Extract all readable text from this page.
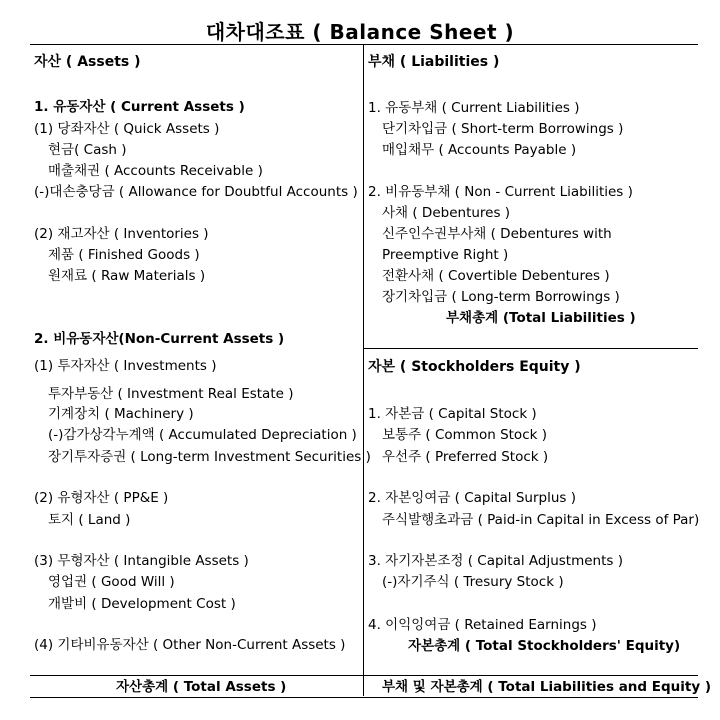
대차대조표 ( Balance Sheet )
자산 ( Assets )
1. 유동자산 ( Current Assets )
(1) 당좌자산 ( Quick Assets )
현금( Cash )
매출채권 ( Accounts Receivable )
(-)대손충당금 ( Allowance for Doubtful Accounts )
(2) 재고자산 ( Inventories )
제품 ( Finished Goods )
원재료 ( Raw Materials )
2. 비유동자산(Non-Current Assets )
(1) 투자자산 ( Investments )
투자부동산 ( Investment Real Estate )
기계장치 ( Machinery )
(-)감가상각누계액 ( Accumulated Depreciation )
장기투자증권 ( Long-term Investment Securities )
(2) 유형자산 ( PP&E )
토지 ( Land )
(3) 무형자산 ( Intangible Assets )
영업권 ( Good Will )
개발비 ( Development Cost )
(4) 기타비유동자산 ( Other Non-Current Assets )
부채 ( Liabilities )
1. 유동부채 ( Current Liabilities )
단기차입금 ( Short-term Borrowings )
매입채무 ( Accounts Payable )
2. 비유동부채 ( Non - Current Liabilities )
사채 ( Debentures )
신주인수권부사채 ( Debentures with
Preemptive Right )
전환사채 ( Covertible Debentures )
장기차입금 ( Long-term Borrowings )
부채총계 (Total Liabilities )
자본 ( Stockholders Equity )
1. 자본금 ( Capital Stock )
보통주 ( Common Stock )
우선주 ( Preferred Stock )
2. 자본잉여금 ( Capital Surplus )
주식발행초과금 ( Paid-in Capital in Excess of Par)
3. 자기자본조정 ( Capital Adjustments )
(-)자기주식 ( Tresury Stock )
4. 이익잉여금 ( Retained Earnings )
자본총계 ( Total Stockholders' Equity)
자산총계 ( Total Assets )	부채 및 자본총계 ( Total Liabilities and Equity )
